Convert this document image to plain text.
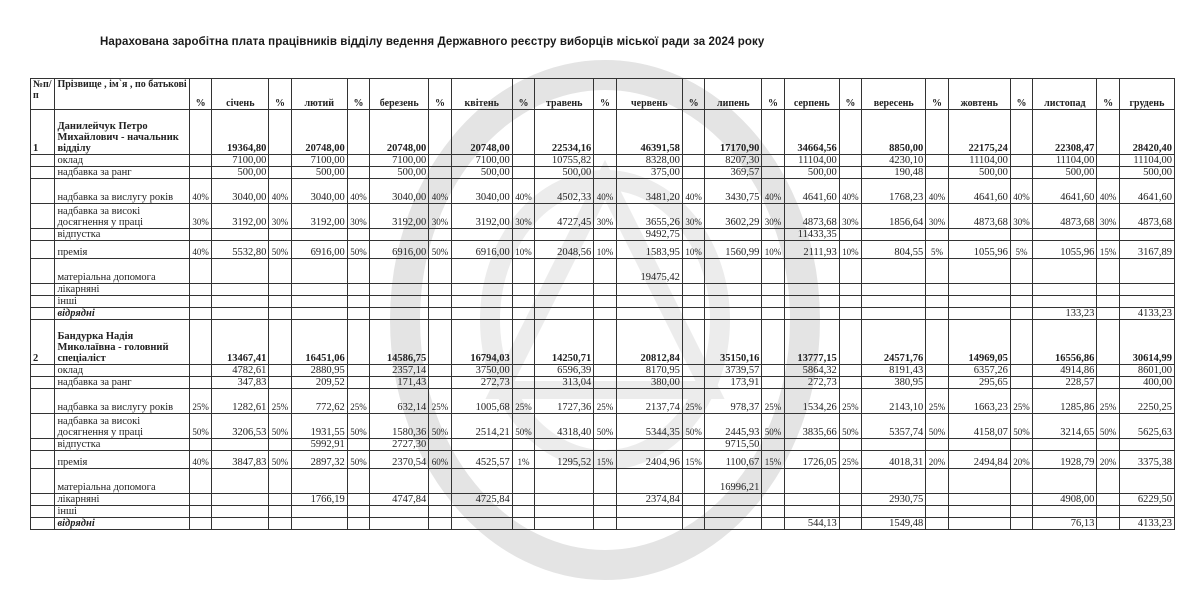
Нарахована заробітна плата працівників відділу ведення Державного реєстру виборців міської ради за 2024 року
№п/п	Прізвище , ім`я , по батькові	%	січень	%	лютий	%	березень	%	квітень	%	травень	%	червень	%	липень	%	серпень	%	вересень	%	жовтень	%	листопад	%	грудень
1	Данилейчук Петро Михайлович - начальник відділу		19364,80		20748,00		20748,00		20748,00		22534,16		46391,58		17170,90		34664,56		8850,00		22175,24		22308,47		28420,40
	оклад		7100,00		7100,00		7100,00		7100,00		10755,82		8328,00		8207,30		11104,00		4230,10		11104,00		11104,00		11104,00
	надбавка за ранг		500,00		500,00		500,00		500,00		500,00		375,00		369,57		500,00		190,48		500,00		500,00		500,00
	надбавка за вислугу років	40%	3040,00	40%	3040,00	40%	3040,00	40%	3040,00	40%	4502,33	40%	3481,20	40%	3430,75	40%	4641,60	40%	1768,23	40%	4641,60	40%	4641,60	40%	4641,60
	надбавка за високі досягнення у праці	30%	3192,00	30%	3192,00	30%	3192,00	30%	3192,00	30%	4727,45	30%	3655,26	30%	3602,29	30%	4873,68	30%	1856,64	30%	4873,68	30%	4873,68	30%	4873,68
	відпустка												9492,75				11433,35								
	премія	40%	5532,80	50%	6916,00	50%	6916,00	50%	6916,00	10%	2048,56	10%	1583,95	10%	1560,99	10%	2111,93	10%	804,55	5%	1055,96	5%	1055,96	15%	3167,89
	матеріальна допомога												19475,42												
	лікарняні																								
	інші																								
	відрядні																						133,23		4133,23
2	Бандурка Надія Миколаївна - головний спеціаліст		13467,41		16451,06		14586,75		16794,03		14250,71		20812,84		35150,16		13777,15		24571,76		14969,05		16556,86		30614,99
	оклад		4782,61		2880,95		2357,14		3750,00		6596,39		8170,95		3739,57		5864,32		8191,43		6357,26		4914,86		8601,00
	надбавка за ранг		347,83		209,52		171,43		272,73		313,04		380,00		173,91		272,73		380,95		295,65		228,57		400,00
	надбавка за вислугу років	25%	1282,61	25%	772,62	25%	632,14	25%	1005,68	25%	1727,36	25%	2137,74	25%	978,37	25%	1534,26	25%	2143,10	25%	1663,23	25%	1285,86	25%	2250,25
	надбавка за високі досягнення у праці	50%	3206,53	50%	1931,55	50%	1580,36	50%	2514,21	50%	4318,40	50%	5344,35	50%	2445,93	50%	3835,66	50%	5357,74	50%	4158,07	50%	3214,65	50%	5625,63
	відпустка				5992,91		2727,30								9715,50										
	премія	40%	3847,83	50%	2897,32	50%	2370,54	60%	4525,57	1%	1295,52	15%	2404,96	15%	1100,67	15%	1726,05	25%	4018,31	20%	2494,84	20%	1928,79	20%	3375,38
	матеріальна допомога														16996,21										
	лікарняні				1766,19		4747,84		4725,84				2374,84						2930,75				4908,00		6229,50
	інші																								
	відрядні																544,13		1549,48				76,13		4133,23
